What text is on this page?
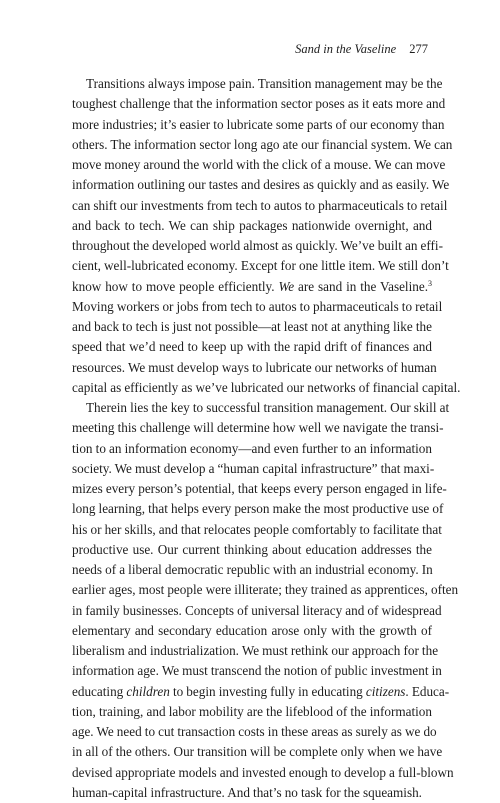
Sand in the Vaseline 277
Transitions always impose pain. Transition management may be the
toughest challenge that the information sector poses as it eats more and
more industries; it’s easier to lubricate some parts of our economy than
others. The information sector long ago ate our financial system. We can
move money around the world with the click of a mouse. We can move
information outlining our tastes and desires as quickly and as easily. We
can shift our investments from tech to autos to pharmaceuticals to retail
and back to tech. We can ship packages nationwide overnight, and
throughout the developed world almost as quickly. We’ve built an effi-
cient, well-lubricated economy. Except for one little item. We still don’t
know how to move people efficiently. We are sand in the Vaseline.$^3$
Moving workers or jobs from tech to autos to pharmaceuticals to retail
and back to tech is just not possible—at least not at anything like the
speed that we’d need to keep up with the rapid drift of finances and
resources. We must develop ways to lubricate our networks of human
capital as efficiently as we’ve lubricated our networks of financial capital.
Therein lies the key to successful transition management. Our skill at
meeting this challenge will determine how well we navigate the transi-
tion to an information economy—and even further to an information
society. We must develop a “human capital infrastructure” that maxi-
mizes every person’s potential, that keeps every person engaged in life-
long learning, that helps every person make the most productive use of
his or her skills, and that relocates people comfortably to facilitate that
productive use. Our current thinking about education addresses the
needs of a liberal democratic republic with an industrial economy. In
earlier ages, most people were illiterate; they trained as apprentices, often
in family businesses. Concepts of universal literacy and of widespread
elementary and secondary education arose only with the growth of
liberalism and industrialization. We must rethink our approach for the
information age. We must transcend the notion of public investment in
educating children to begin investing fully in educating citizens. Educa-
tion, training, and labor mobility are the lifeblood of the information
age. We need to cut transaction costs in these areas as surely as we do
in all of the others. Our transition will be complete only when we have
devised appropriate models and invested enough to develop a full-blown
human-capital infrastructure. And that’s no task for the squeamish.
